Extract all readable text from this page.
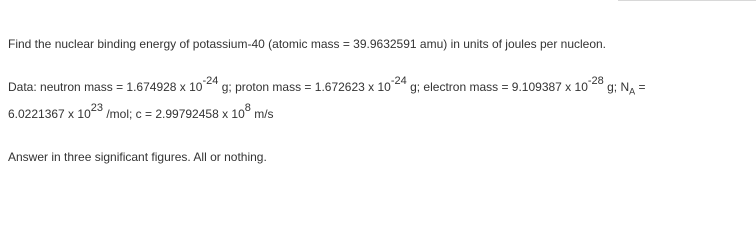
Find the nuclear binding energy of potassium-40 (atomic mass = 39.9632591 amu) in units of joules per nucleon.
Data: neutron mass = 1.674928 x $10^{-24}$ g; proton mass = 1.672623 x $10^{-24}$ g; electron mass = 9.109387 x $10^{-28}$ g; $N_A$ =
6.0221367 x $10^{23}$ /mol; c = 2.99792458 x $10^8$ m/s
Answer in three significant figures. All or nothing.
